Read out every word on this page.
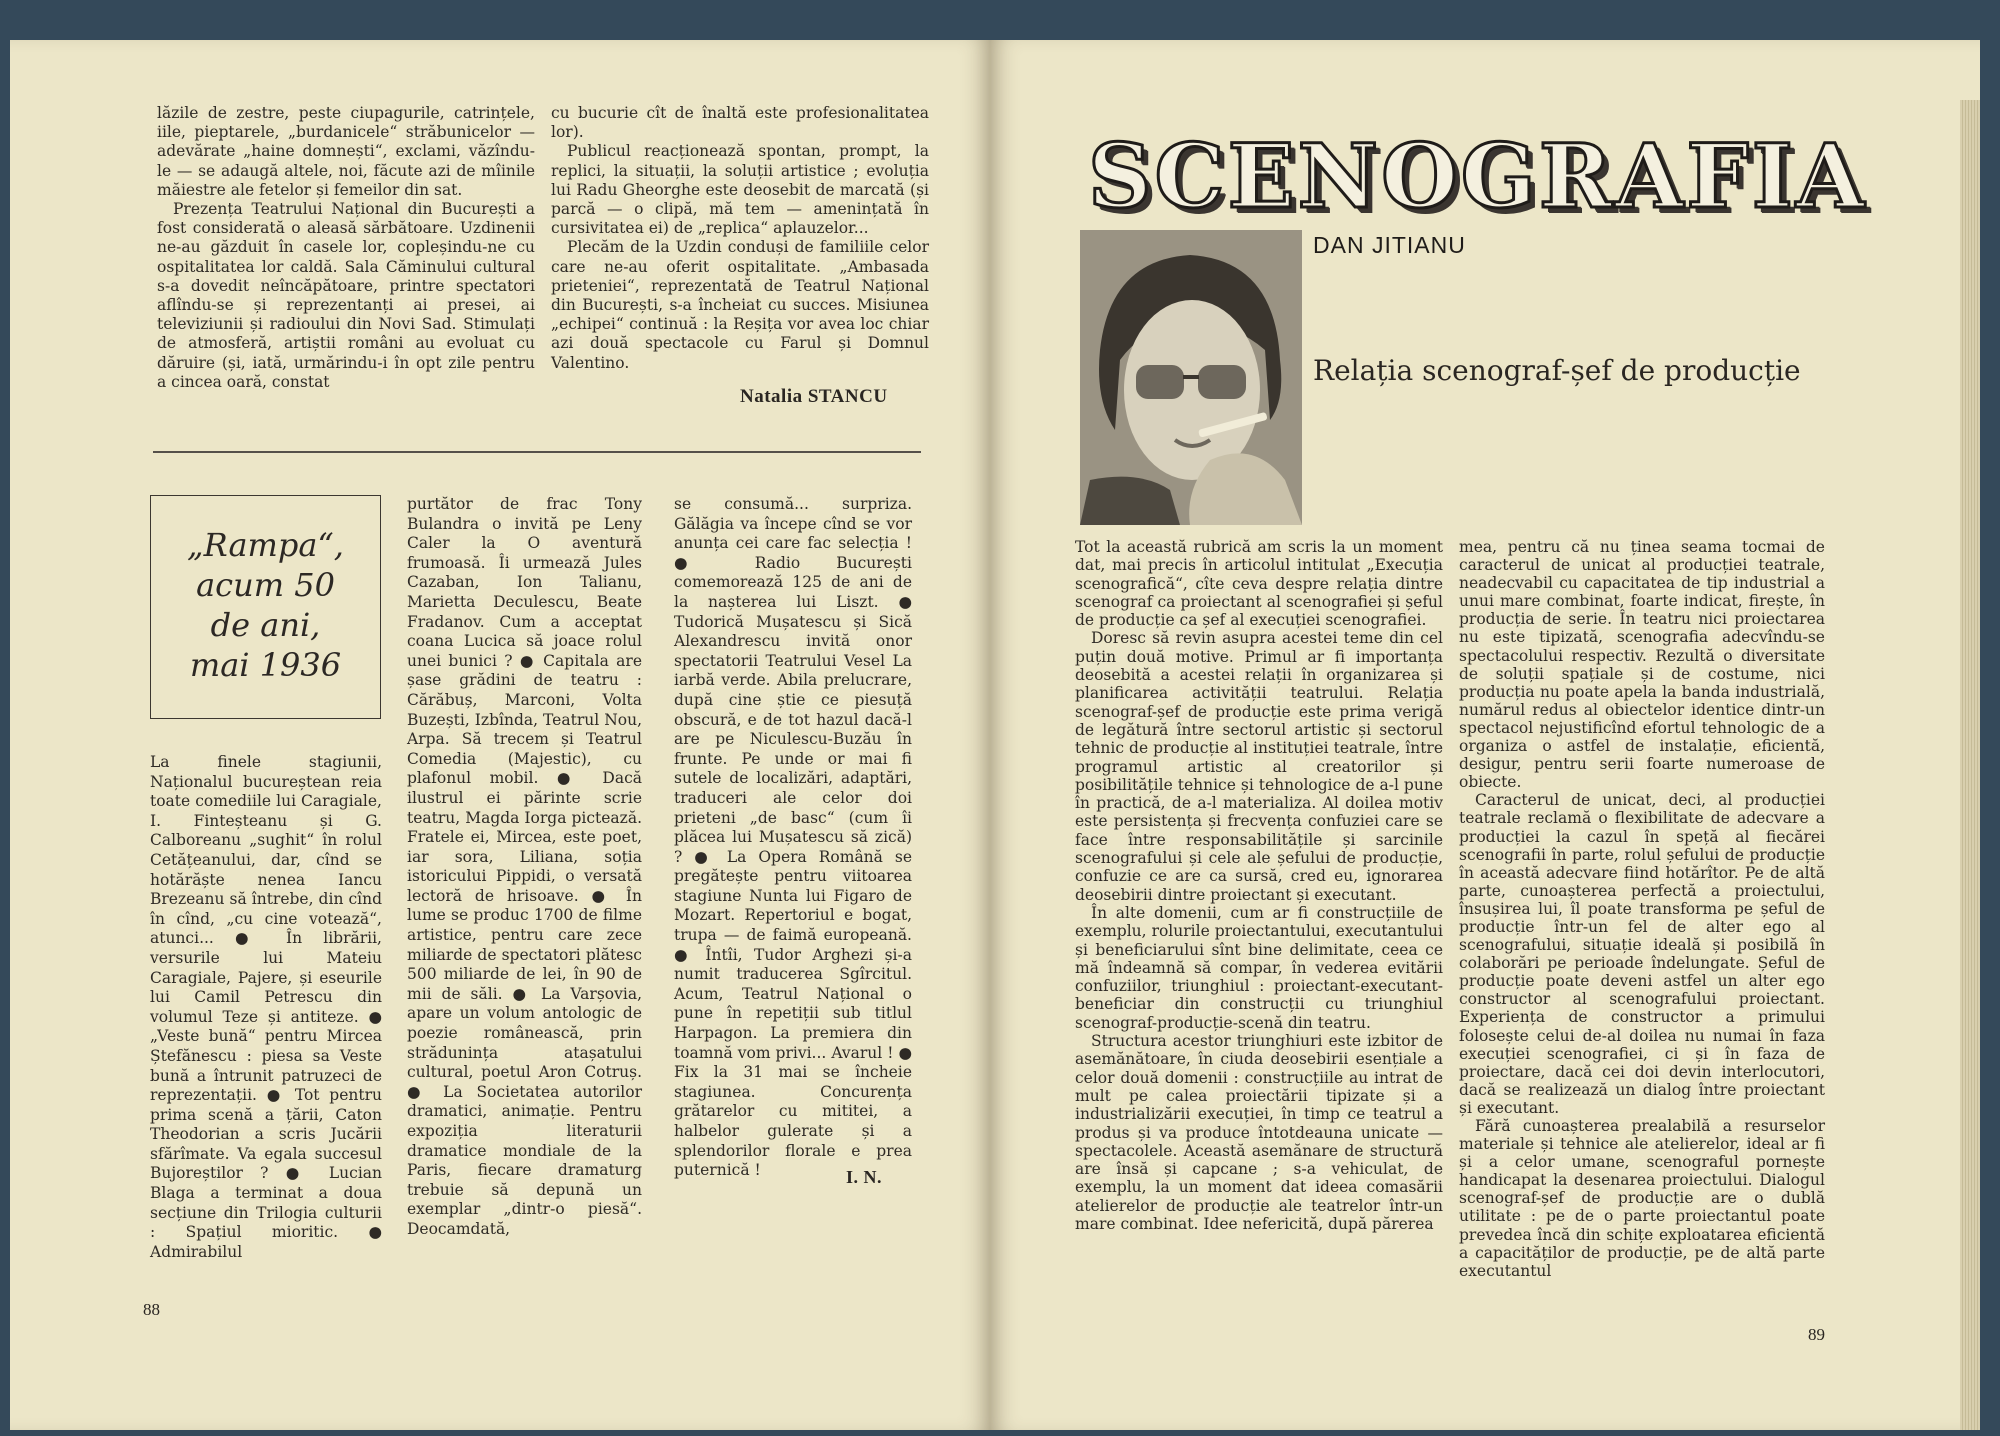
lăzile de zestre, peste ciupagurile, catrințele, iile, pieptarele, „burdanicele“ străbunicelor — adevărate „haine domnești“, exclami, văzîndu-le — se adaugă altele, noi, făcute azi de mîinile măiestre ale fetelor și femeilor din sat.

Prezența Teatrului Național din București a fost considerată o aleasă sărbătoare. Uzdinenii ne-au găzduit în casele lor, copleșindu-ne cu ospitalitatea lor caldă. Sala Căminului cultural s-a dovedit neîncăpătoare, printre spectatori aflîndu-se și reprezentanți ai presei, ai televiziunii și radioului din Novi Sad. Stimulați de atmosferă, artiștii români au evoluat cu dăruire (și, iată, urmărindu-i în opt zile pentru a cincea oară, constat

cu bucurie cît de înaltă este profesionalitatea lor).

Publicul reacționează spontan, prompt, la replici, la situații, la soluții artistice ; evoluția lui Radu Gheorghe este deosebit de marcată (și parcă — o clipă, mă tem — amenințată în cursivitatea ei) de „replica“ aplauzelor...

Plecăm de la Uzdin conduși de familiile celor care ne-au oferit ospitalitate. „Ambasada prieteniei“, reprezentată de Teatrul Național din București, s-a încheiat cu succes. Misiunea „echipei“ continuă : la Reșița vor avea loc chiar azi două spectacole cu Farul și Domnul Valentino.

Natalia STANCU
„Rampa“,
acum 50
de ani,
mai 1936

La finele stagiunii, Naționalul bucureștean reia toate comediile lui Caragiale, I. Finteșteanu și G. Calboreanu „sughit“ în rolul Cetățeanului, dar, cînd se hotărăște nenea Iancu Brezeanu să întrebe, din cînd în cînd, „cu cine votează“, atunci... ● În librării, versurile lui Mateiu Caragiale, Pajere, și eseurile lui Camil Petrescu din volumul Teze și antiteze. ● „Veste bună“ pentru Mircea Ștefănescu : piesa sa Veste bună a întrunit patruzeci de reprezentații. ● Tot pentru prima scenă a țării, Caton Theodorian a scris Jucării sfărîmate. Va egala succesul Bujoreștilor ? ● Lucian Blaga a terminat a doua secțiune din Trilogia culturii : Spațiul mioritic. ● Admirabilul

purtător de frac Tony Bulandra o invită pe Leny Caler la O aventură frumoasă. Îi urmează Jules Cazaban, Ion Talianu, Marietta Deculescu, Beate Fradanov. Cum a acceptat coana Lucica să joace rolul unei bunici ? ● Capitala are șase grădini de teatru : Cărăbuș, Marconi, Volta Buzești, Izbînda, Teatrul Nou, Arpa. Să trecem și Teatrul Comedia (Majestic), cu plafonul mobil. ● Dacă ilustrul ei părinte scrie teatru, Magda Iorga pictează. Fratele ei, Mircea, este poet, iar sora, Liliana, soția istoricului Pippidi, o versată lectoră de hrisoave. ● În lume se produc 1700 de filme artistice, pentru care zece miliarde de spectatori plătesc 500 miliarde de lei, în 90 de mii de săli. ● La Varșovia, apare un volum antologic de poezie românească, prin strădunința atașatului cultural, poetul Aron Cotruș. ● La Societatea autorilor dramatici, animație. Pentru expoziția literaturii dramatice mondiale de la Paris, fiecare dramaturg trebuie să depună un exemplar „dintr-o piesă“. Deocamdată,

se consumă... surpriza. Gălăgia va începe cînd se vor anunța cei care fac selecția ! ● Radio București comemorează 125 de ani de la nașterea lui Liszt. ● Tudorică Mușatescu și Sică Alexandrescu invită onor spectatorii Teatrului Vesel La iarbă verde. Abila prelucrare, după cine știe ce piesuță obscură, e de tot hazul dacă-l are pe Niculescu-Buzău în frunte. Pe unde or mai fi sutele de localizări, adaptări, traduceri ale celor doi prieteni „de basc“ (cum îi plăcea lui Mușatescu să zică) ? ● La Opera Română se pregătește pentru viitoarea stagiune Nunta lui Figaro de Mozart. Repertoriul e bogat, trupa — de faimă europeană. ● Întîi, Tudor Arghezi și-a numit traducerea Sgîrcitul. Acum, Teatrul Național o pune în repetiții sub titlul Harpagon. La premiera din toamnă vom privi... Avarul ! ● Fix la 31 mai se încheie stagiunea. Concurența grătarelor cu mititei, a halbelor gulerate și a splendorilor florale e prea puternică !	I. N.
88
89
SCENOGRAFIA
DAN JITIANU
Relația scenograf-șef de producție

Tot la această rubrică am scris la un moment dat, mai precis în articolul intitulat „Execuția scenografică“, cîte ceva despre relația dintre scenograf ca proiectant al scenografiei și șeful de producție ca șef al execuției scenografiei.

Doresc să revin asupra acestei teme din cel puțin două motive. Primul ar fi importanța deosebită a acestei relații în organizarea și planificarea activității teatrului. Relația scenograf-șef de producție este prima verigă de legătură între sectorul artistic și sectorul tehnic de producție al instituției teatrale, între programul artistic al creatorilor și posibilitățile tehnice și tehnologice de a-l pune în practică, de a-l materializa. Al doilea motiv este persistența și frecvența confuziei care se face între responsabilitățile și sarcinile scenografului și cele ale șefului de producție, confuzie ce are ca sursă, cred eu, ignorarea deosebirii dintre proiectant și executant.

În alte domenii, cum ar fi construcțiile de exemplu, rolurile proiectantului, executantului și beneficiarului sînt bine delimitate, ceea ce mă îndeamnă să compar, în vederea evitării confuziilor, triunghiul : proiectant-executant-beneficiar din construcții cu triunghiul scenograf-producție-scenă din teatru.

Structura acestor triunghiuri este izbitor de asemănătoare, în ciuda deosebirii esențiale a celor două domenii : construcțiile au intrat de mult pe calea proiectării tipizate și a industrializării execuției, în timp ce teatrul a produs și va produce întotdeauna unicate — spectacolele. Această asemănare de structură are însă și capcane ; s-a vehiculat, de exemplu, la un moment dat ideea comasării atelierelor de producție ale teatrelor într-un mare combinat. Idee nefericită, după părerea

mea, pentru că nu ținea seama tocmai de caracterul de unicat al producției teatrale, neadecvabil cu capacitatea de tip industrial a unui mare combinat, foarte indicat, firește, în producția de serie. În teatru nici proiectarea nu este tipizată, scenografia adecvîndu-se spectacolului respectiv. Rezultă o diversitate de soluții spațiale și de costume, nici producția nu poate apela la banda industrială, numărul redus al obiectelor identice dintr-un spectacol nejustificînd efortul tehnologic de a organiza o astfel de instalație, eficientă, desigur, pentru serii foarte numeroase de obiecte.

Caracterul de unicat, deci, al producției teatrale reclamă o flexibilitate de adecvare a producției la cazul în speță al fiecărei scenografii în parte, rolul șefului de producție în această adecvare fiind hotărîtor. Pe de altă parte, cunoașterea perfectă a proiectului, însușirea lui, îl poate transforma pe șeful de producție într-un fel de alter ego al scenografului, situație ideală și posibilă în colaborări pe perioade îndelungate. Șeful de producție poate deveni astfel un alter ego constructor al scenografului proiectant. Experiența de constructor a primului folosește celui de-al doilea nu numai în faza execuției scenografiei, ci și în faza de proiectare, dacă cei doi devin interlocutori, dacă se realizează un dialog între proiectant și executant.

Fără cunoașterea prealabilă a resurselor materiale și tehnice ale atelierelor, ideal ar fi și a celor umane, scenograful pornește handicapat la desenarea proiectului. Dialogul scenograf-șef de producție are o dublă utilitate : pe de o parte proiectantul poate prevedea încă din schițe exploatarea eficientă a capacităților de producție, pe de altă parte executantul
